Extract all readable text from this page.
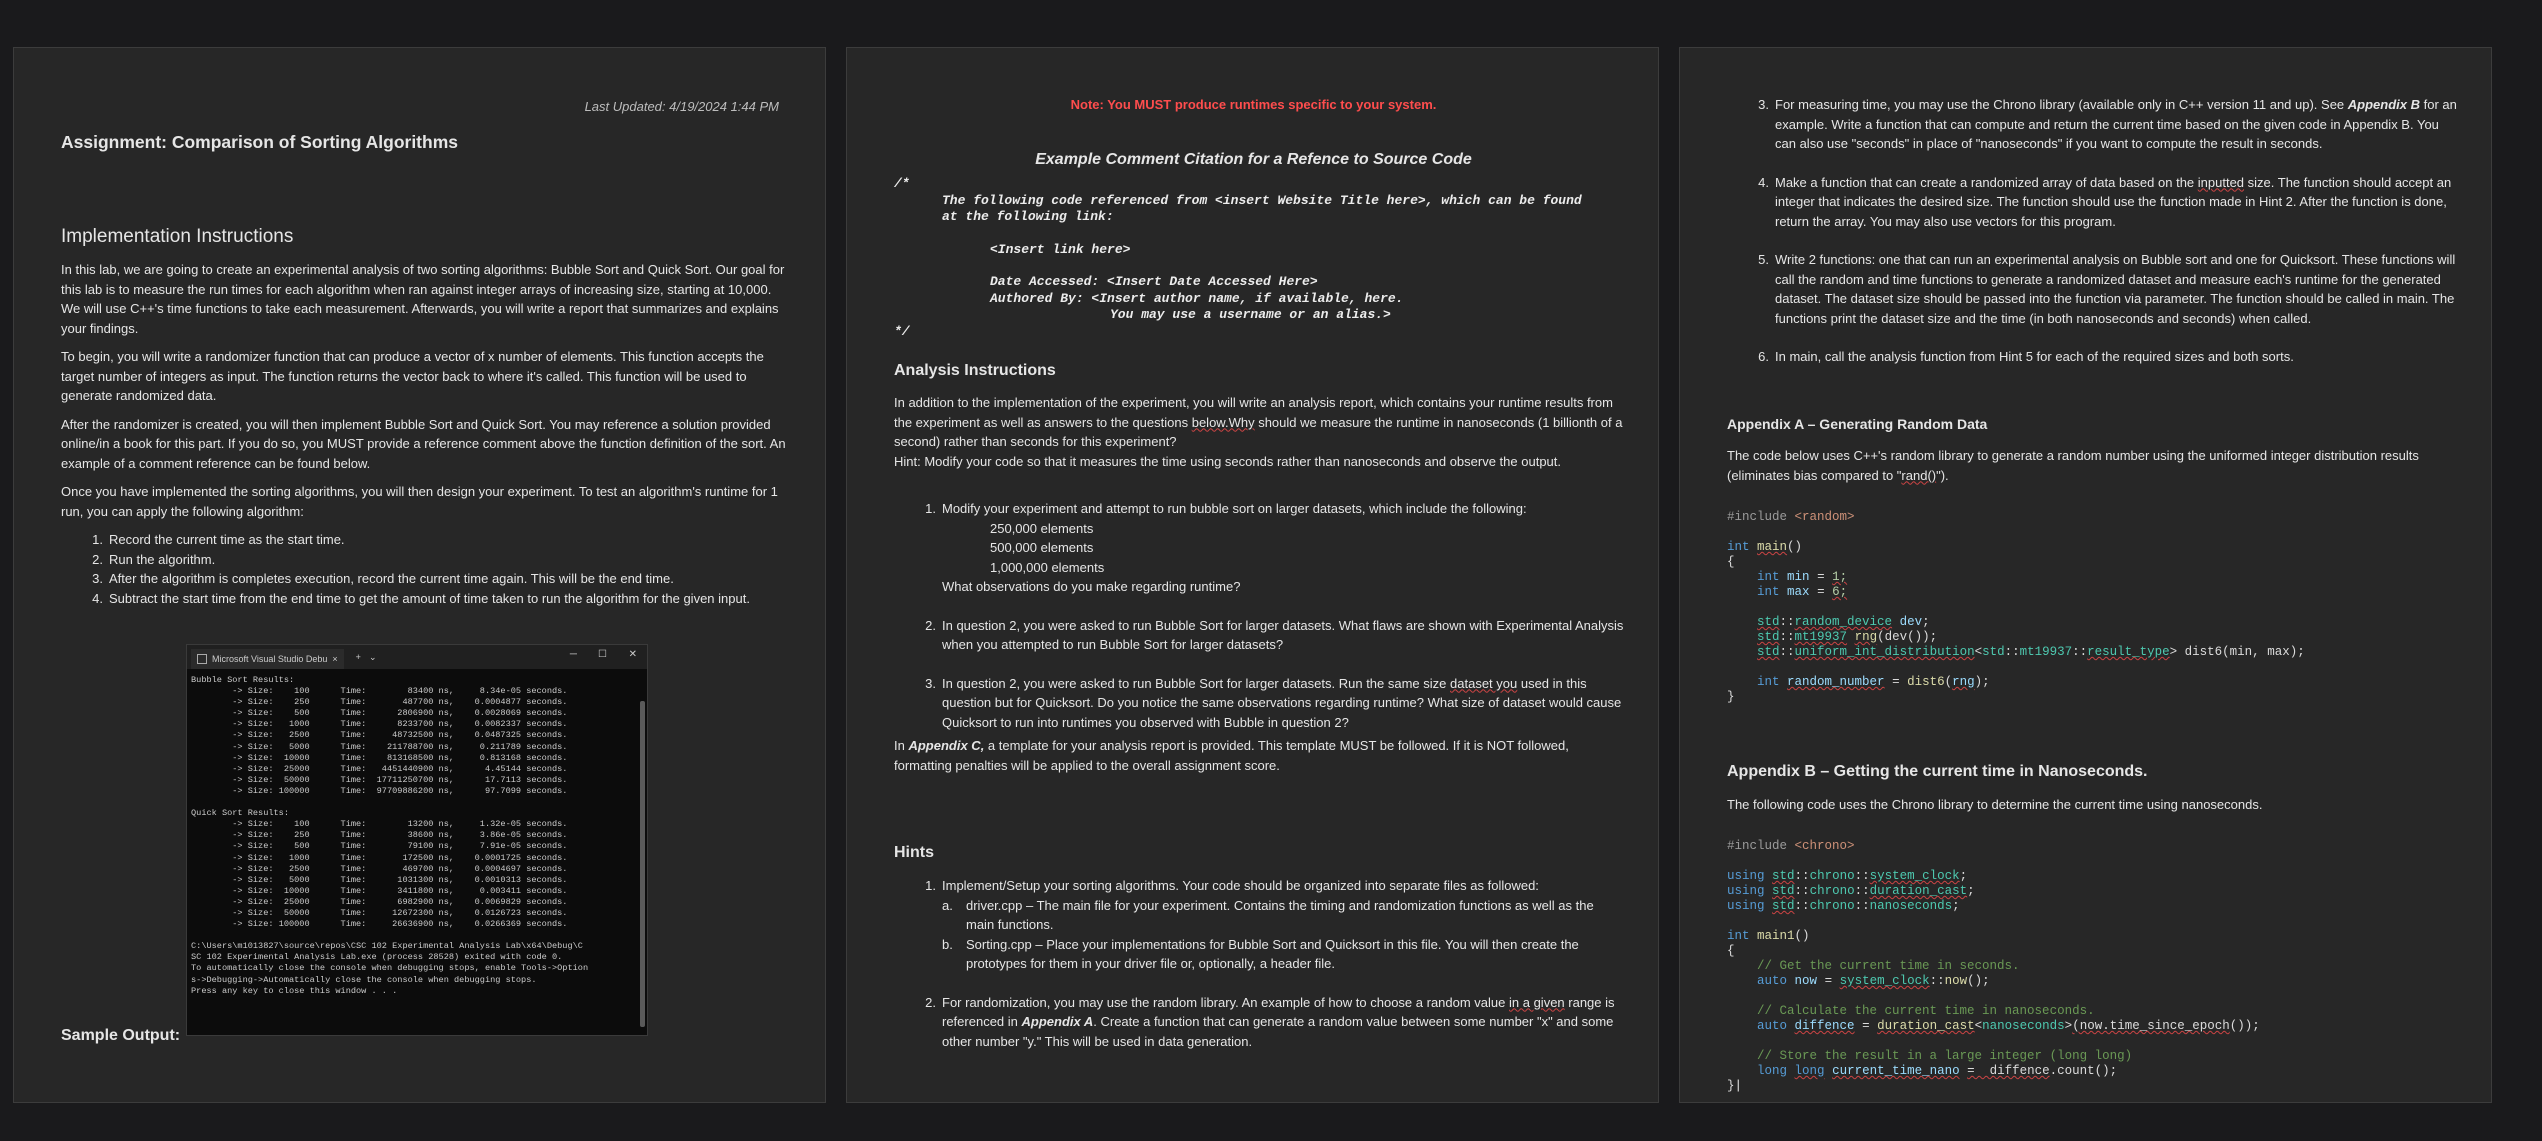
Last Updated: 4/19/2024 1:44 PM
Assignment: Comparison of Sorting Algorithms
Implementation Instructions

In this lab, we are going to create an experimental analysis of two sorting algorithms: Bubble Sort and Quick Sort. Our goal for this lab is to measure the run times for each algorithm when ran against integer arrays of increasing size, starting at 10,000. We will use C++'s time functions to take each measurement. Afterwards, you will write a report that summarizes and explains your findings.

To begin, you will write a randomizer function that can produce a vector of x number of elements. This function accepts the target number of integers as input. The function returns the vector back to where it's called. This function will be used to generate randomized data.

After the randomizer is created, you will then implement Bubble Sort and Quick Sort. You may reference a solution provided online/in a book for this part. If you do so, you MUST provide a reference comment above the function definition of the sort. An example of a comment reference can be found below.

Once you have implemented the sorting algorithms, you will then design your experiment. To test an algorithm's runtime for 1 run, you can apply the following algorithm:

1. Record the current time as the start time.
2. Run the algorithm.
3. After the algorithm is completes execution, record the current time again. This will be the end time.
4. Subtract the start time from the end time to get the amount of time taken to run the algorithm for the given input.
Sample Output:
Microsoft Visual Studio Debu × + ⌄	─ ☐ ✕
Bubble Sort Results:
-> Size:    100      Time:        83400 ns,     8.34e-05 seconds.
-> Size:    250      Time:       487700 ns,    0.0004877 seconds.
-> Size:    500      Time:      2806900 ns,    0.0028069 seconds.
-> Size:   1000      Time:      8233700 ns,    0.0082337 seconds.
-> Size:   2500      Time:     48732500 ns,    0.0487325 seconds.
-> Size:   5000      Time:    211788700 ns,     0.211789 seconds.
-> Size:  10000      Time:    813168500 ns,     0.813168 seconds.
-> Size:  25000      Time:   4451440900 ns,      4.45144 seconds.
-> Size:  50000      Time:  17711250700 ns,      17.7113 seconds.
-> Size: 100000      Time:  97709886200 ns,      97.7099 seconds.

Quick Sort Results:
-> Size:    100      Time:        13200 ns,     1.32e-05 seconds.
-> Size:    250      Time:        38600 ns,     3.86e-05 seconds.
-> Size:    500      Time:        79100 ns,     7.91e-05 seconds.
-> Size:   1000      Time:       172500 ns,    0.0001725 seconds.
-> Size:   2500      Time:       469700 ns,    0.0004697 seconds.
-> Size:   5000      Time:      1031300 ns,    0.0010313 seconds.
-> Size:  10000      Time:      3411800 ns,     0.003411 seconds.
-> Size:  25000      Time:      6982900 ns,    0.0069829 seconds.
-> Size:  50000      Time:     12672300 ns,    0.0126723 seconds.
-> Size: 100000      Time:     26636900 ns,    0.0266369 seconds.

C:\Users\m1013827\source\repos\CSC 102 Experimental Analysis Lab\x64\Debug\C
SC 102 Experimental Analysis Lab.exe (process 28528) exited with code 0.
To automatically close the console when debugging stops, enable Tools->Option
s->Debugging->Automatically close the console when debugging stops.
Press any key to close this window . . .
Note: You MUST produce runtimes specific to your system.
Example Comment Citation for a Refence to Source Code
/*
The following code referenced from <insert Website Title here>, which can be found
at the following link:
<Insert link here>
Date Accessed: <Insert Date Accessed Here>
Authored By: <Insert author name, if available, here.
You may use a username or an alias.>
*/
Analysis Instructions

In addition to the implementation of the experiment, you will write an analysis report, which contains your runtime results from the experiment as well as answers to the questions below.Why should we measure the runtime in nanoseconds (1 billionth of a second) rather than seconds for this experiment?

Hint: Modify your code so that it measures the time using seconds rather than nanoseconds and observe the output.

1. Modify your experiment and attempt to run bubble sort on larger datasets, which include the following:
250,000 elements
500,000 elements
1,000,000 elements
What observations do you make regarding runtime?
2. In question 2, you were asked to run Bubble Sort for larger datasets. What flaws are shown with Experimental Analysis when you attempted to run Bubble Sort for larger datasets?
3. In question 2, you were asked to run Bubble Sort for larger datasets. Run the same size dataset you used in this question but for Quicksort. Do you notice the same observations regarding runtime? What size of dataset would cause Quicksort to run into runtimes you observed with Bubble in question 2?

In Appendix C, a template for your analysis report is provided. This template MUST be followed. If it is NOT followed, formatting penalties will be applied to the overall assignment score.

Hints
1. Implement/Setup your sorting algorithms. Your code should be organized into separate files as followed:
a. driver.cpp – The main file for your experiment. Contains the timing and randomization functions as well as the main functions.
b. Sorting.cpp – Place your implementations for Bubble Sort and Quicksort in this file. You will then create the prototypes for them in your driver file or, optionally, a header file.
2. For randomization, you may use the random library. An example of how to choose a random value in a given range is referenced in Appendix A. Create a function that can generate a random value between some number "x" and some other number "y." This will be used in data generation.
3. For measuring time, you may use the Chrono library (available only in C++ version 11 and up). See Appendix B for an example. Write a function that can compute and return the current time based on the given code in Appendix B. You can also use "seconds" in place of "nanoseconds" if you want to compute the result in seconds.
4. Make a function that can create a randomized array of data based on the inputted size. The function should accept an integer that indicates the desired size. The function should use the function made in Hint 2. After the function is done, return the array. You may also use vectors for this program.
5. Write 2 functions: one that can run an experimental analysis on Bubble sort and one for Quicksort. These functions will call the random and time functions to generate a randomized dataset and measure each's runtime for the generated dataset. The dataset size should be passed into the function via parameter. The function should be called in main. The functions print the dataset size and the time (in both nanoseconds and seconds) when called.
6. In main, call the analysis function from Hint 5 for each of the required sizes and both sorts.
Appendix A – Generating Random Data

The code below uses C++'s random library to generate a random number using the uniformed integer distribution results (eliminates bias compared to "rand()").

#include <random>

int main()
{
int min = 1;
int max = 6;

std::random_device dev;
std::mt19937 rng(dev());
std::uniform_int_distribution<std::mt19937::result_type> dist6(min, max);

int random_number = dist6(rng);
}
Appendix B – Getting the current time in Nanoseconds.

The following code uses the Chrono library to determine the current time using nanoseconds.

#include <chrono>

using std::chrono::system_clock;
using std::chrono::duration_cast;
using std::chrono::nanoseconds;

int main1()
{
// Get the current time in seconds.
auto now = system_clock::now();

// Calculate the current time in nanoseconds.
auto diffence = duration_cast<nanoseconds>(now.time_since_epoch());

// Store the result in a large integer (long long)
long long current_time_nano =  diffence.count();
}|
